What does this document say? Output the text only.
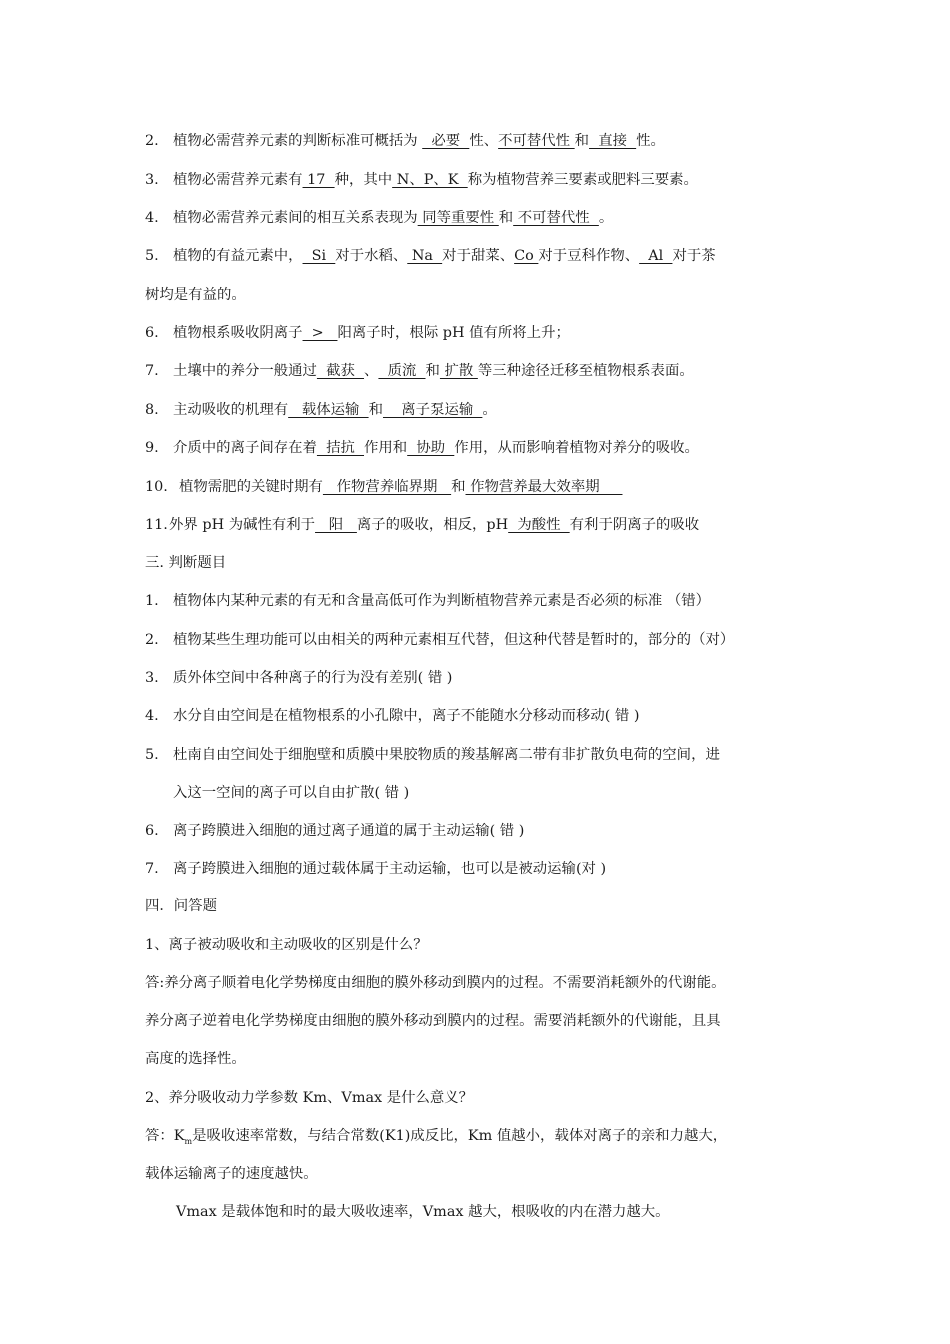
2. 植物必需营养元素的判断标准可概括为   必要  性、不可替代性 和  直接  性。
3. 植物必需营养元素有 17  种，其中 N、P、K  称为植物营养三要素或肥料三要素。
4. 植物必需营养元素间的相互关系表现为 同等重要性 和 不可替代性  。
5. 植物的有益元素中，  Si  对于水稻、 Na  对于甜菜、Co 对于豆科作物、  Al  对于茶
树均是有益的。
6. 植物根系吸收阴离子  >   阳离子时，根际 pH 值有所将上升；
7. 土壤中的养分一般通过  截获  、  质流  和 扩散 等三种途径迁移至植物根系表面。
8. 主动吸收的机理有   载体运输  和    离子泵运输  。
9. 介质中的离子间存在着  拮抗  作用和  协助  作用，从而影响着植物对养分的吸收。
10. 植物需肥的关键时期有   作物营养临界期   和 作物营养最大效率期
11.外界 pH 为碱性有利于   阳   离子的吸收，相反，pH  为酸性  有利于阴离子的吸收
三. 判断题目
1. 植物体内某种元素的有无和含量高低可作为判断植物营养元素是否必须的标准 （错）
2. 植物某些生理功能可以由相关的两种元素相互代替，但这种代替是暂时的，部分的（对）
3. 质外体空间中各种离子的行为没有差别( 错 )
4. 水分自由空间是在植物根系的小孔隙中，离子不能随水分移动而移动( 错 )
5. 杜南自由空间处于细胞壁和质膜中果胶物质的羧基解离二带有非扩散负电荷的空间，进
入这一空间的离子可以自由扩散( 错 )
6. 离子跨膜进入细胞的通过离子通道的属于主动运输( 错 )
7. 离子跨膜进入细胞的通过载体属于主动运输，也可以是被动运输(对 )
四．问答题
1、离子被动吸收和主动吸收的区别是什么？
答:养分离子顺着电化学势梯度由细胞的膜外移动到膜内的过程。不需要消耗额外的代谢能。
养分离子逆着电化学势梯度由细胞的膜外移动到膜内的过程。需要消耗额外的代谢能，且具
高度的选择性。
2、养分吸收动力学参数 Km、Vmax 是什么意义？
答：$K_m$是吸收速率常数，与结合常数(K1)成反比，Km 值越小，载体对离子的亲和力越大，
载体运输离子的速度越快。
Vmax 是载体饱和时的最大吸收速率，Vmax 越大，根吸收的内在潜力越大。
